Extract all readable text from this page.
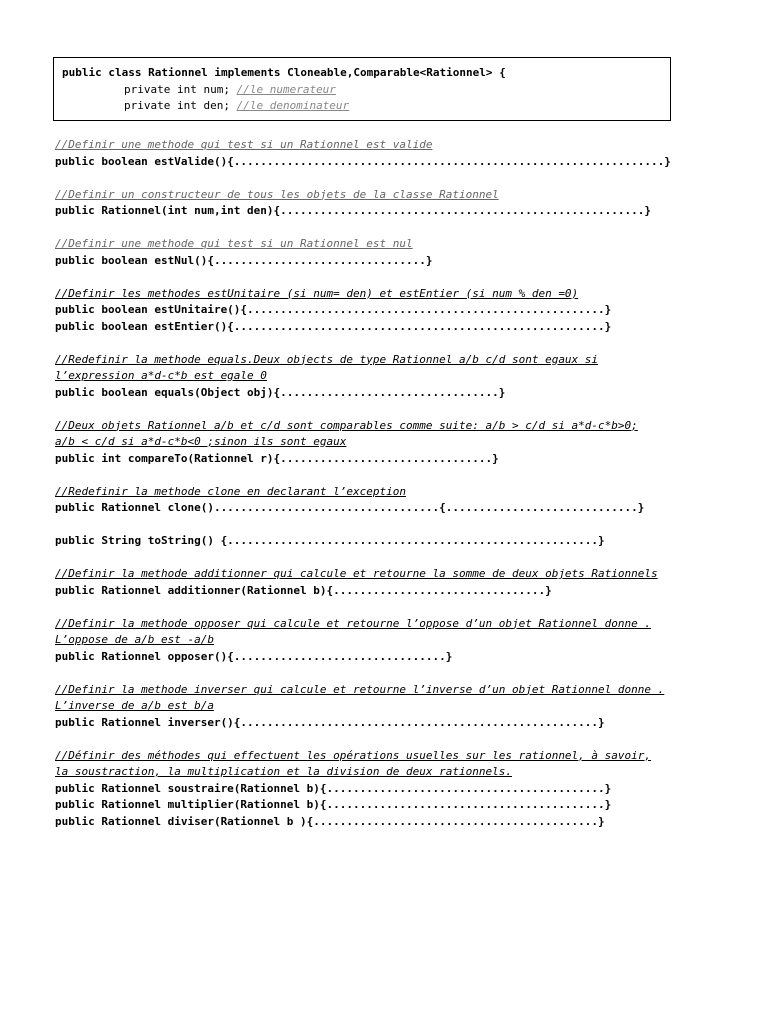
public class Rationnel implements Cloneable,Comparable<Rationnel> {
private int num; //le numerateur
private int den; //le denominateur
//Definir une methode qui test si un Rationnel est valide
public boolean estValide(){.................................................................}
//Definir un constructeur de tous les objets de la classe Rationnel
public Rationnel(int num,int den){.......................................................}
//Definir une methode qui test si un Rationnel est nul
public boolean estNul(){................................}
//Definir les methodes estUnitaire (si num= den) et estEntier (si num % den =0)
public boolean estUnitaire(){......................................................}
public boolean estEntier(){........................................................}
//Redefinir la methode equals.Deux objects de type Rationnel a/b c/d sont egaux si
l’expression a*d-c*b est egale 0
public boolean equals(Object obj){.................................}
//Deux objets Rationnel a/b et c/d sont comparables comme suite: a/b > c/d si a*d-c*b>0;
a/b < c/d si a*d-c*b<0 ;sinon ils sont egaux
public int compareTo(Rationnel r){................................}
//Redefinir la methode clone en declarant l’exception
public Rationnel clone()..................................{.............................}
public String toString() {........................................................}
//Definir la methode additionner qui calcule et retourne la somme de deux objets Rationnels
public Rationnel additionner(Rationnel b){................................}
//Definir la methode opposer qui calcule et retourne l’oppose d’un objet Rationnel donne .
L’oppose de a/b est -a/b
public Rationnel opposer(){................................}
//Definir la methode inverser qui calcule et retourne l’inverse d’un objet Rationnel donne .
L’inverse de a/b est b/a
public Rationnel inverser(){......................................................}
//Définir des méthodes qui effectuent les opérations usuelles sur les rationnel, à savoir,
la soustraction, la multiplication et la division de deux rationnels.
public Rationnel soustraire(Rationnel b){..........................................}
public Rationnel multiplier(Rationnel b){..........................................}
public Rationnel diviser(Rationnel b ){...........................................}
